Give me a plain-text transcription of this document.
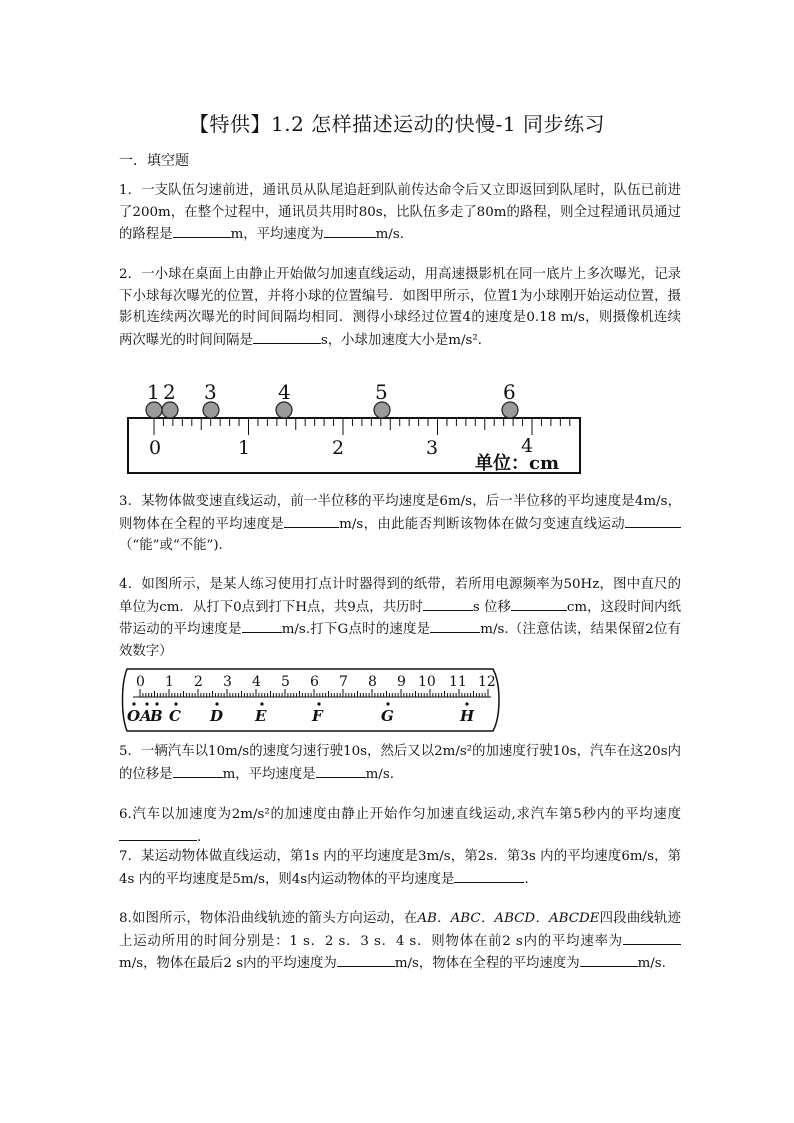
【特供】1.2 怎样描述运动的快慢-1 同步练习
一．填空题
1．一支队伍匀速前进，通讯员从队尾追赶到队前传达命令后又立即返回到队尾时，队伍已前进了200m，在整个过程中，通讯员共用时80s，比队伍多走了80m的路程，则全过程通讯员通过的路程是	m，平均速度为	m/s.
2．一小球在桌面上由静止开始做匀加速直线运动，用高速摄影机在同一底片上多次曝光，记录下小球每次曝光的位置，并将小球的位置编号．如图甲所示，位置1为小球刚开始运动位置，摄影机连续两次曝光的时间间隔均相同．测得小球经过位置4的速度是0.18 m/s，则摄像机连续两次曝光的时间间隔是	s，小球加速度大小是m/s²．
1 2 3	4	5	6
0	1	2	3	4
单位：cm
3．某物体做变速直线运动，前一半位移的平均速度是6m/s，后一半位移的平均速度是4m/s，则物体在全程的平均速度是	m/s，由此能否判断该物体在做匀变速直线运动（“能”或“不能”).
4．如图所示，是某人练习使用打点计时器得到的纸带，若所用电源频率为50Hz，图中直尺的单位为cm．从打下0点到打下H点，共9点，共历时	s 位移	cm，这段时间内纸带运动的平均速度是	m/s.打下G点时的速度是	m/s.（注意估读，结果保留2位有效数字）
0 1 2 3 4 5 6 7 8 9 10 11 12
O A
B C D E	F	G	H
5．一辆汽车以10m/s的速度匀速行驶10s，然后又以2m/s²的加速度行驶10s，汽车在这20s内的位移是	m，平均速度是	m/s.
6.汽车以加速度为2m/s²的加速度由静止开始作匀加速直线运动,求汽车第5秒内的平均速度.
7．某运动物体做直线运动，第1s 内的平均速度是3m/s，第2s．第3s 内的平均速度6m/s，第4s 内的平均速度是5m/s，则4s内运动物体的平均速度是	.
8.如图所示，物体沿曲线轨迹的箭头方向运动，在AB．ABC．ABCD．ABCDE四段曲线轨迹上运动所用的时间分别是：1 s．2 s．3 s．4 s．则物体在前2 s内的平均速率为m/s，物体在最后2 s内的平均速度为	m/s，物体在全程的平均速度为	m/s.
